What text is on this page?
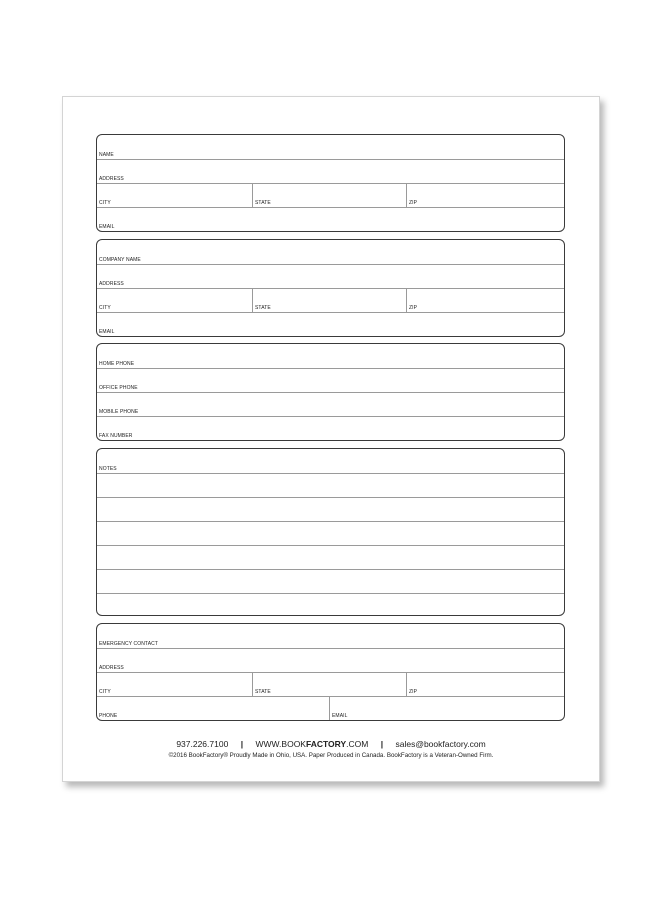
NAME
ADDRESS
CITY	STATE	ZIP
EMAIL
COMPANY NAME
ADDRESS
CITY	STATE	ZIP
EMAIL
HOME PHONE
OFFICE PHONE
MOBILE PHONE
FAX NUMBER
NOTES
EMERGENCY CONTACT
ADDRESS
CITY	STATE	ZIP
PHONE	EMAIL
937.226.7100 | WWW.BOOKFACTORY.COM | sales@bookfactory.com
©2016 BookFactory® Proudly Made in Ohio, USA. Paper Produced in Canada. BookFactory is a Veteran-Owned Firm.
